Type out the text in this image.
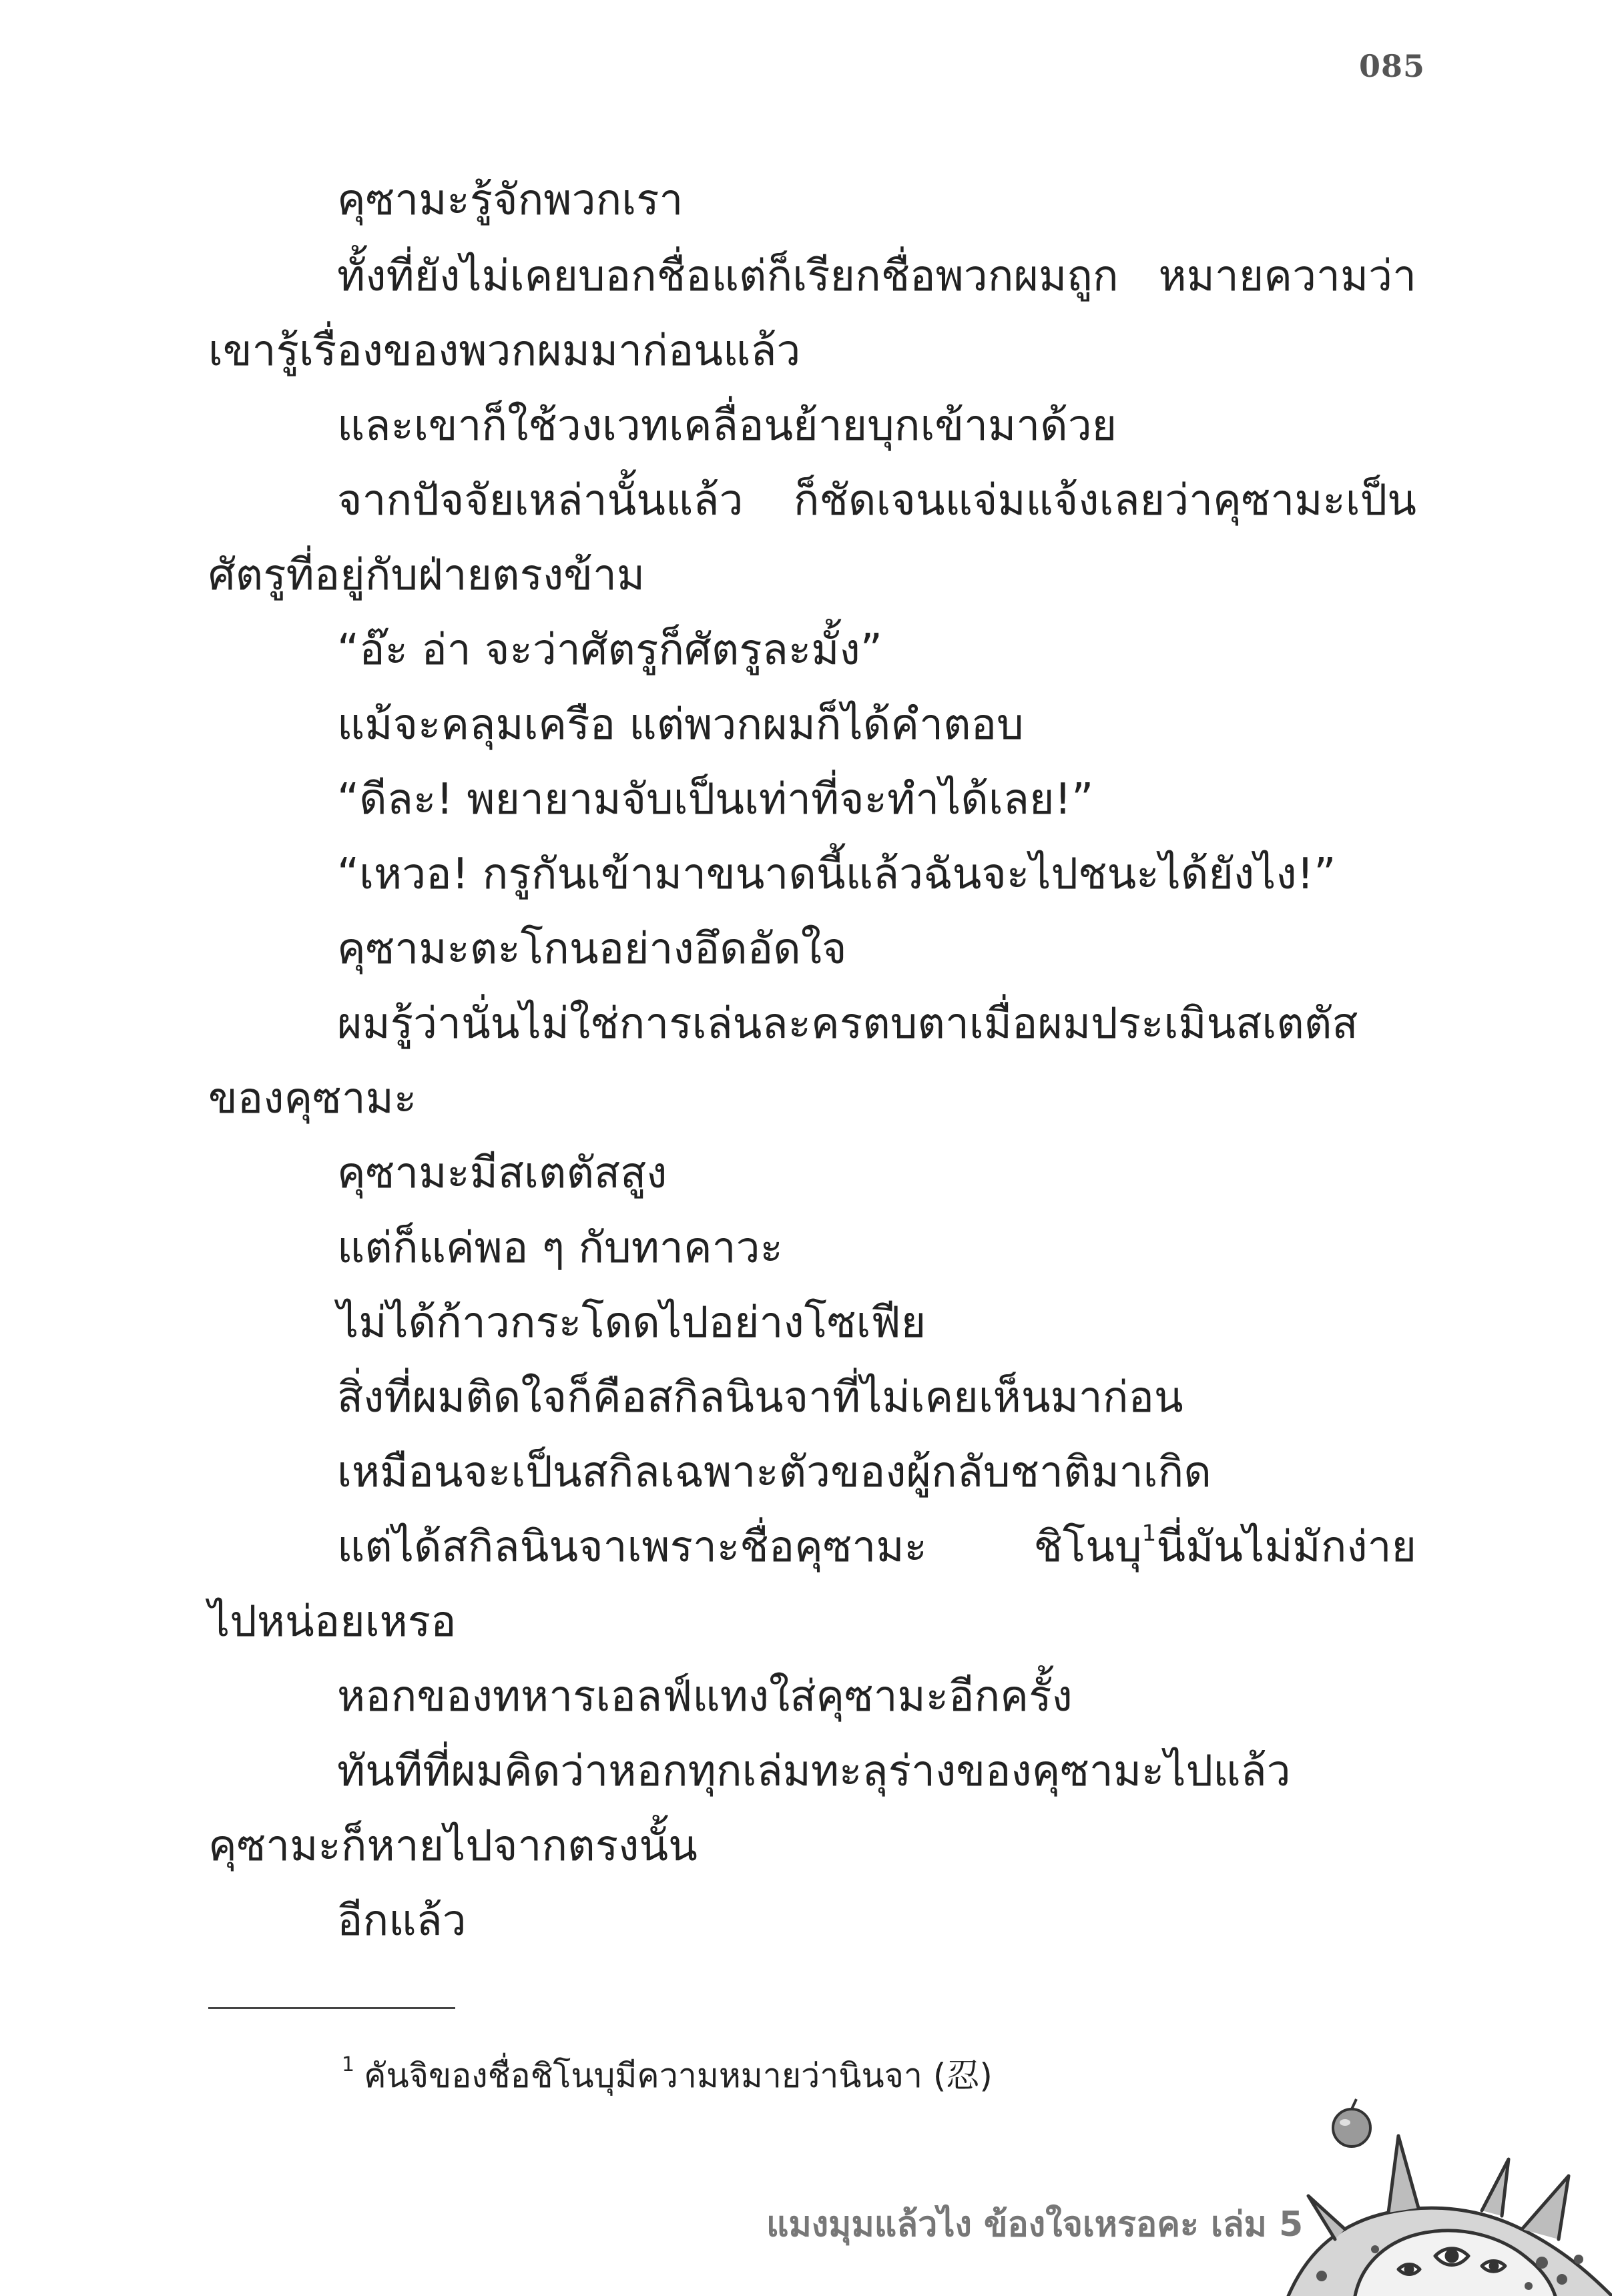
085
คุซามะรู้จักพวกเรา
ทั้งที่ยังไม่เคยบอกชื่อแต่ก็เรียกชื่อพวกผมถูก หมายความว่า
เขารู้เรื่องของพวกผมมาก่อนแล้ว
และเขาก็ใช้วงเวทเคลื่อนย้ายบุกเข้ามาด้วย
จากปัจจัยเหล่านั้นแล้ว ก็ชัดเจนแจ่มแจ้งเลยว่าคุซามะเป็น
ศัตรูที่อยู่กับฝ่ายตรงข้าม
“อ๊ะ อ่า จะว่าศัตรูก็ศัตรูละมั้ง”
แม้จะคลุมเครือ แต่พวกผมก็ได้คำตอบ
“ดีละ! พยายามจับเป็นเท่าที่จะทำได้เลย!”
“เหวอ! กรูกันเข้ามาขนาดนี้แล้วฉันจะไปชนะได้ยังไง!”
คุซามะตะโกนอย่างอึดอัดใจ
ผมรู้ว่านั่นไม่ใช่การเล่นละครตบตาเมื่อผมประเมินสเตตัส
ของคุซามะ
คุซามะมีสเตตัสสูง
แต่ก็แค่พอ ๆ กับทาคาวะ
ไม่ได้ก้าวกระโดดไปอย่างโซเฟีย
สิ่งที่ผมติดใจก็คือสกิลนินจาที่ไม่เคยเห็นมาก่อน
เหมือนจะเป็นสกิลเฉพาะตัวของผู้กลับชาติมาเกิด
แต่ได้สกิลนินจาเพราะชื่อคุซามะ ชิโนบุ$^1$นี่มันไม่มักง่าย
ไปหน่อยเหรอ
หอกของทหารเอลฟ์แทงใส่คุซามะอีกครั้ง
ทันทีที่ผมคิดว่าหอกทุกเล่มทะลุร่างของคุซามะไปแล้ว
คุซามะก็หายไปจากตรงนั้น
อีกแล้ว
$^1$ คันจิของชื่อชิโนบุมีความหมายว่านินจา (忍)
แมงมุมแล้วไง ข้องใจเหรอคะ เล่ม 5
